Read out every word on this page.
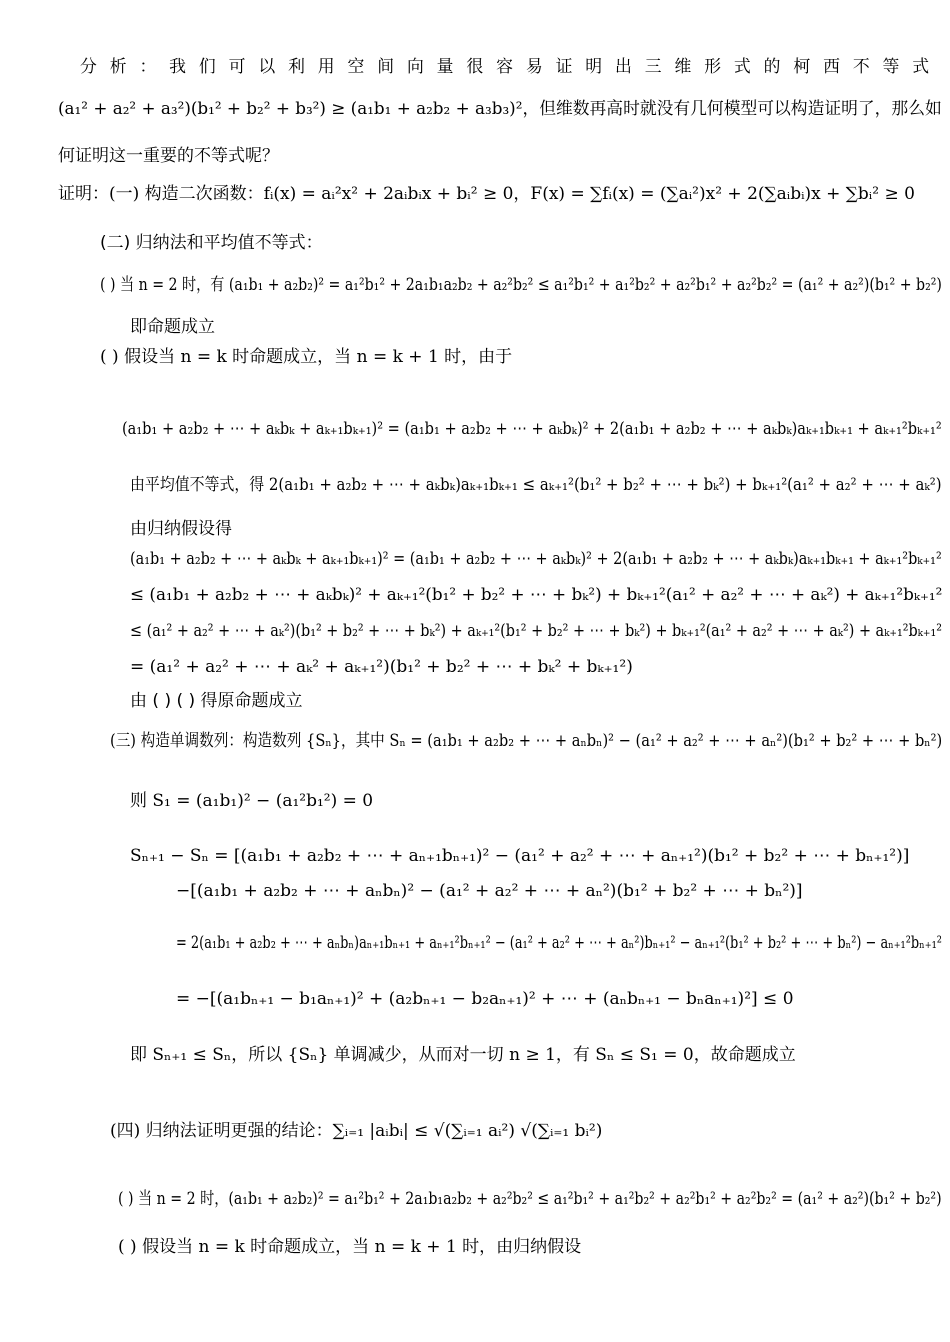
分析：我们可以利用空间向量很容易证明出三维形式的柯西不等式
(a₁² + a₂² + a₃²)(b₁² + b₂² + b₃²) ≥ (a₁b₁ + a₂b₂ + a₃b₃)²，但维数再高时就没有几何模型可以构造证明了，那么如
何证明这一重要的不等式呢？
证明：(一) 构造二次函数：fᵢ(x) = aᵢ²x² + 2aᵢbᵢx + bᵢ² ≥ 0，F(x) = ∑fᵢ(x) = (∑aᵢ²)x² + 2(∑aᵢbᵢ)x + ∑bᵢ² ≥ 0
(二) 归纳法和平均值不等式：
( ) 当 n = 2 时，有 (a₁b₁ + a₂b₂)² = a₁²b₁² + 2a₁b₁a₂b₂ + a₂²b₂² ≤ a₁²b₁² + a₁²b₂² + a₂²b₁² + a₂²b₂² = (a₁² + a₂²)(b₁² + b₂²)
即命题成立
( ) 假设当 n = k 时命题成立，当 n = k + 1 时，由于
(a₁b₁ + a₂b₂ + ⋯ + aₖbₖ + aₖ₊₁bₖ₊₁)² = (a₁b₁ + a₂b₂ + ⋯ + aₖbₖ)² + 2(a₁b₁ + a₂b₂ + ⋯ + aₖbₖ)aₖ₊₁bₖ₊₁ + aₖ₊₁²bₖ₊₁²
由平均值不等式，得 2(a₁b₁ + a₂b₂ + ⋯ + aₖbₖ)aₖ₊₁bₖ₊₁ ≤ aₖ₊₁²(b₁² + b₂² + ⋯ + bₖ²) + bₖ₊₁²(a₁² + a₂² + ⋯ + aₖ²)
由归纳假设得
(a₁b₁ + a₂b₂ + ⋯ + aₖbₖ + aₖ₊₁bₖ₊₁)² = (a₁b₁ + a₂b₂ + ⋯ + aₖbₖ)² + 2(a₁b₁ + a₂b₂ + ⋯ + aₖbₖ)aₖ₊₁bₖ₊₁ + aₖ₊₁²bₖ₊₁²
≤ (a₁b₁ + a₂b₂ + ⋯ + aₖbₖ)² + aₖ₊₁²(b₁² + b₂² + ⋯ + bₖ²) + bₖ₊₁²(a₁² + a₂² + ⋯ + aₖ²) + aₖ₊₁²bₖ₊₁²
≤ (a₁² + a₂² + ⋯ + aₖ²)(b₁² + b₂² + ⋯ + bₖ²) + aₖ₊₁²(b₁² + b₂² + ⋯ + bₖ²) + bₖ₊₁²(a₁² + a₂² + ⋯ + aₖ²) + aₖ₊₁²bₖ₊₁²
= (a₁² + a₂² + ⋯ + aₖ² + aₖ₊₁²)(b₁² + b₂² + ⋯ + bₖ² + bₖ₊₁²)
由 ( ) ( ) 得原命题成立
(三) 构造单调数列：构造数列 {Sₙ}，其中 Sₙ = (a₁b₁ + a₂b₂ + ⋯ + aₙbₙ)² − (a₁² + a₂² + ⋯ + aₙ²)(b₁² + b₂² + ⋯ + bₙ²)
则 S₁ = (a₁b₁)² − (a₁²b₁²) = 0
Sₙ₊₁ − Sₙ = [(a₁b₁ + a₂b₂ + ⋯ + aₙ₊₁bₙ₊₁)² − (a₁² + a₂² + ⋯ + aₙ₊₁²)(b₁² + b₂² + ⋯ + bₙ₊₁²)]
−[(a₁b₁ + a₂b₂ + ⋯ + aₙbₙ)² − (a₁² + a₂² + ⋯ + aₙ²)(b₁² + b₂² + ⋯ + bₙ²)]
= 2(a₁b₁ + a₂b₂ + ⋯ + aₙbₙ)aₙ₊₁bₙ₊₁ + aₙ₊₁²bₙ₊₁² − (a₁² + a₂² + ⋯ + aₙ²)bₙ₊₁² − aₙ₊₁²(b₁² + b₂² + ⋯ + bₙ²) − aₙ₊₁²bₙ₊₁²
= −[(a₁bₙ₊₁ − b₁aₙ₊₁)² + (a₂bₙ₊₁ − b₂aₙ₊₁)² + ⋯ + (aₙbₙ₊₁ − bₙaₙ₊₁)²] ≤ 0
即 Sₙ₊₁ ≤ Sₙ，所以 {Sₙ} 单调减少，从而对一切 n ≥ 1，有 Sₙ ≤ S₁ = 0，故命题成立
(四) 归纳法证明更强的结论：∑ᵢ₌₁ |aᵢbᵢ| ≤ √(∑ᵢ₌₁ aᵢ²) √(∑ᵢ₌₁ bᵢ²)
( ) 当 n = 2 时，(a₁b₁ + a₂b₂)² = a₁²b₁² + 2a₁b₁a₂b₂ + a₂²b₂² ≤ a₁²b₁² + a₁²b₂² + a₂²b₁² + a₂²b₂² = (a₁² + a₂²)(b₁² + b₂²)
( ) 假设当 n = k 时命题成立，当 n = k + 1 时，由归纳假设
